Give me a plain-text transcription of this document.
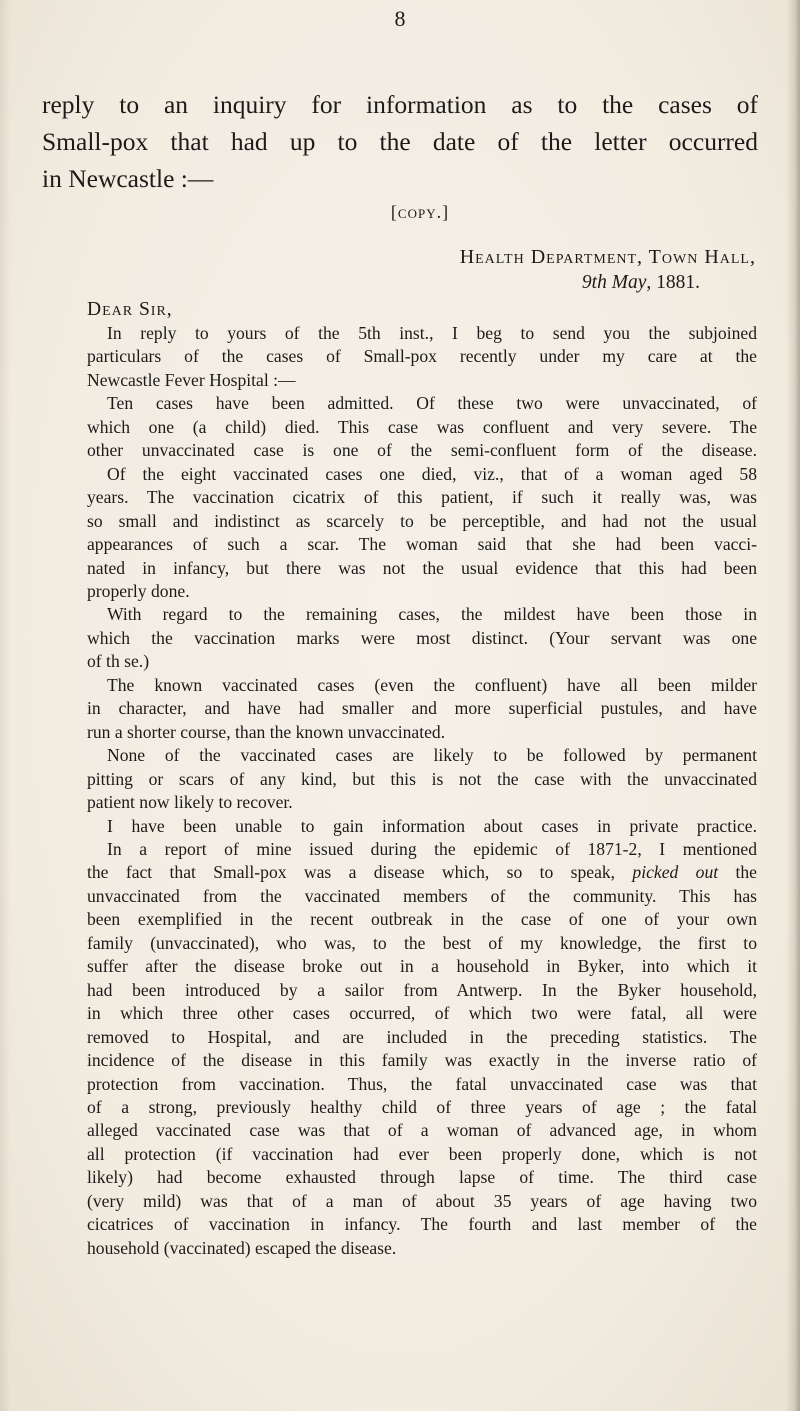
8
reply to an inquiry for information as to the cases of
Small-pox that had up to the date of the letter occurred
in Newcastle :—
[copy.]
Health Department, Town Hall,
9th May, 1881.
Dear Sir,
In reply to yours of the 5th inst., I beg to send you the subjoined
particulars of the cases of Small-pox recently under my care at the
Newcastle Fever Hospital :—
Ten cases have been admitted. Of these two were unvaccinated, of
which one (a child) died. This case was confluent and very severe. The
other unvaccinated case is one of the semi-confluent form of the disease.
Of the eight vaccinated cases one died, viz., that of a woman aged 58
years. The vaccination cicatrix of this patient, if such it really was, was
so small and indistinct as scarcely to be perceptible, and had not the usual
appearances of such a scar. The woman said that she had been vacci-
nated in infancy, but there was not the usual evidence that this had been
properly done.
With regard to the remaining cases, the mildest have been those in
which the vaccination marks were most distinct. (Your servant was one
of th se.)
The known vaccinated cases (even the confluent) have all been milder
in character, and have had smaller and more superficial pustules, and have
run a shorter course, than the known unvaccinated.
None of the vaccinated cases are likely to be followed by permanent
pitting or scars of any kind, but this is not the case with the unvaccinated
patient now likely to recover.
I have been unable to gain information about cases in private practice.
In a report of mine issued during the epidemic of 1871-2, I mentioned
the fact that Small-pox was a disease which, so to speak, picked out the
unvaccinated from the vaccinated members of the community. This has
been exemplified in the recent outbreak in the case of one of your own
family (unvaccinated), who was, to the best of my knowledge, the first to
suffer after the disease broke out in a household in Byker, into which it
had been introduced by a sailor from Antwerp. In the Byker household,
in which three other cases occurred, of which two were fatal, all were
removed to Hospital, and are included in the preceding statistics. The
incidence of the disease in this family was exactly in the inverse ratio of
protection from vaccination. Thus, the fatal unvaccinated case was that
of a strong, previously healthy child of three years of age ; the fatal
alleged vaccinated case was that of a woman of advanced age, in whom
all protection (if vaccination had ever been properly done, which is not
likely) had become exhausted through lapse of time. The third case
(very mild) was that of a man of about 35 years of age having two
cicatrices of vaccination in infancy. The fourth and last member of the
household (vaccinated) escaped the disease.
